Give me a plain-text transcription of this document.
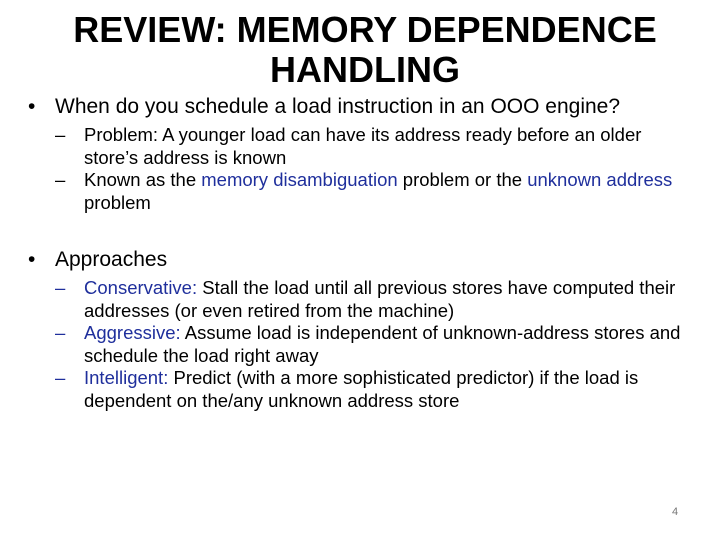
REVIEW: MEMORY DEPENDENCE
HANDLING

• When do you schedule a load instruction in an OOO engine?

– Problem: A younger load can have its address ready before an older store’s address is known

– Known as the memory disambiguation problem or the unknown address problem

• Approaches

– Conservative: Stall the load until all previous stores have computed their addresses (or even retired from the machine)

– Aggressive: Assume load is independent of unknown-address stores and schedule the load right away

– Intelligent: Predict (with a more sophisticated predictor) if the load is dependent on the/any unknown address store

4
